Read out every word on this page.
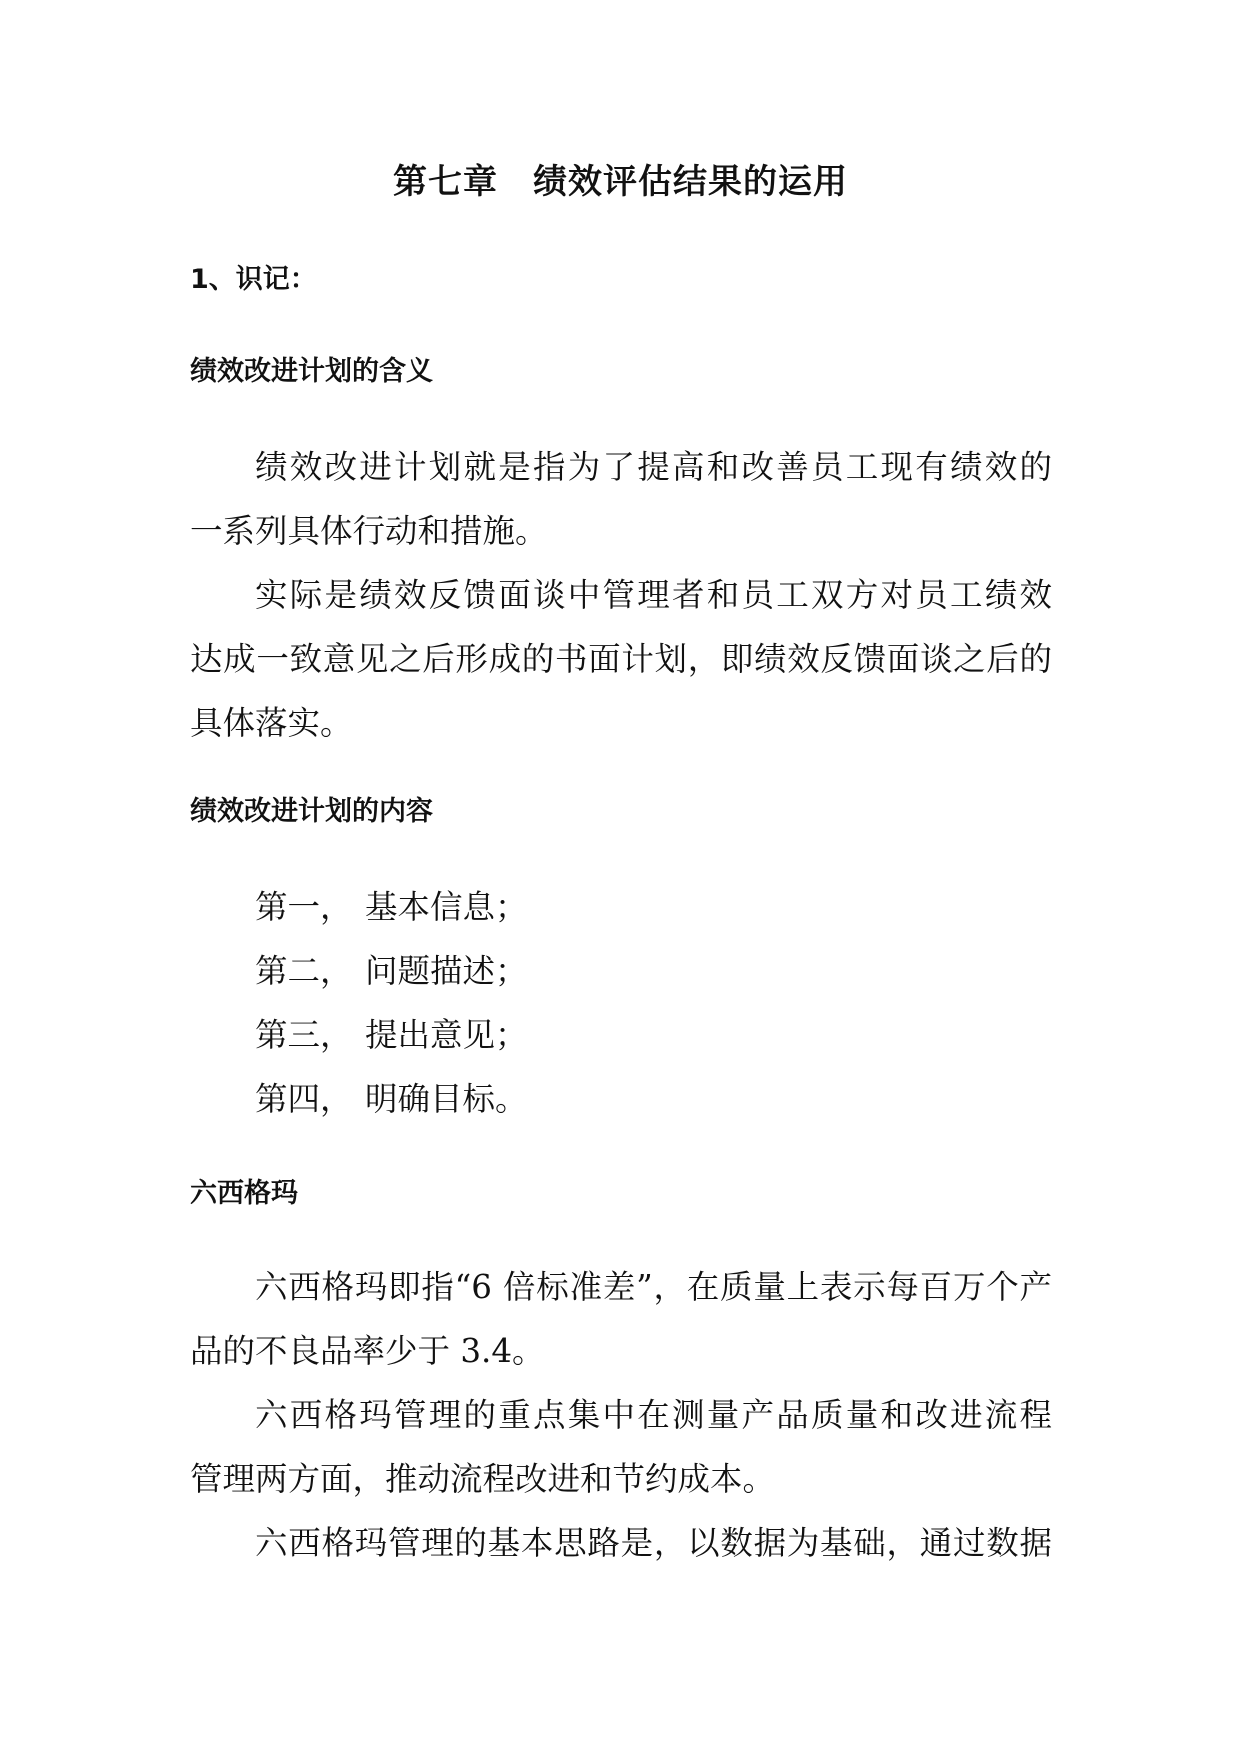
第七章　绩效评估结果的运用
1、识记：
绩效改进计划的含义

绩效改进计划就是指为了提高和改善员工现有绩效的

一系列具体行动和措施。

实际是绩效反馈面谈中管理者和员工双方对员工绩效

达成一致意见之后形成的书面计划，即绩效反馈面谈之后的

具体落实。

绩效改进计划的内容
第一， 基本信息；
第二， 问题描述；
第三， 提出意见；
第四， 明确目标。
六西格玛

六西格玛即指“6 倍标准差”，在质量上表示每百万个产

品的不良品率少于 3.4。

六西格玛管理的重点集中在测量产品质量和改进流程

管理两方面，推动流程改进和节约成本。

六西格玛管理的基本思路是，以数据为基础，通过数据
